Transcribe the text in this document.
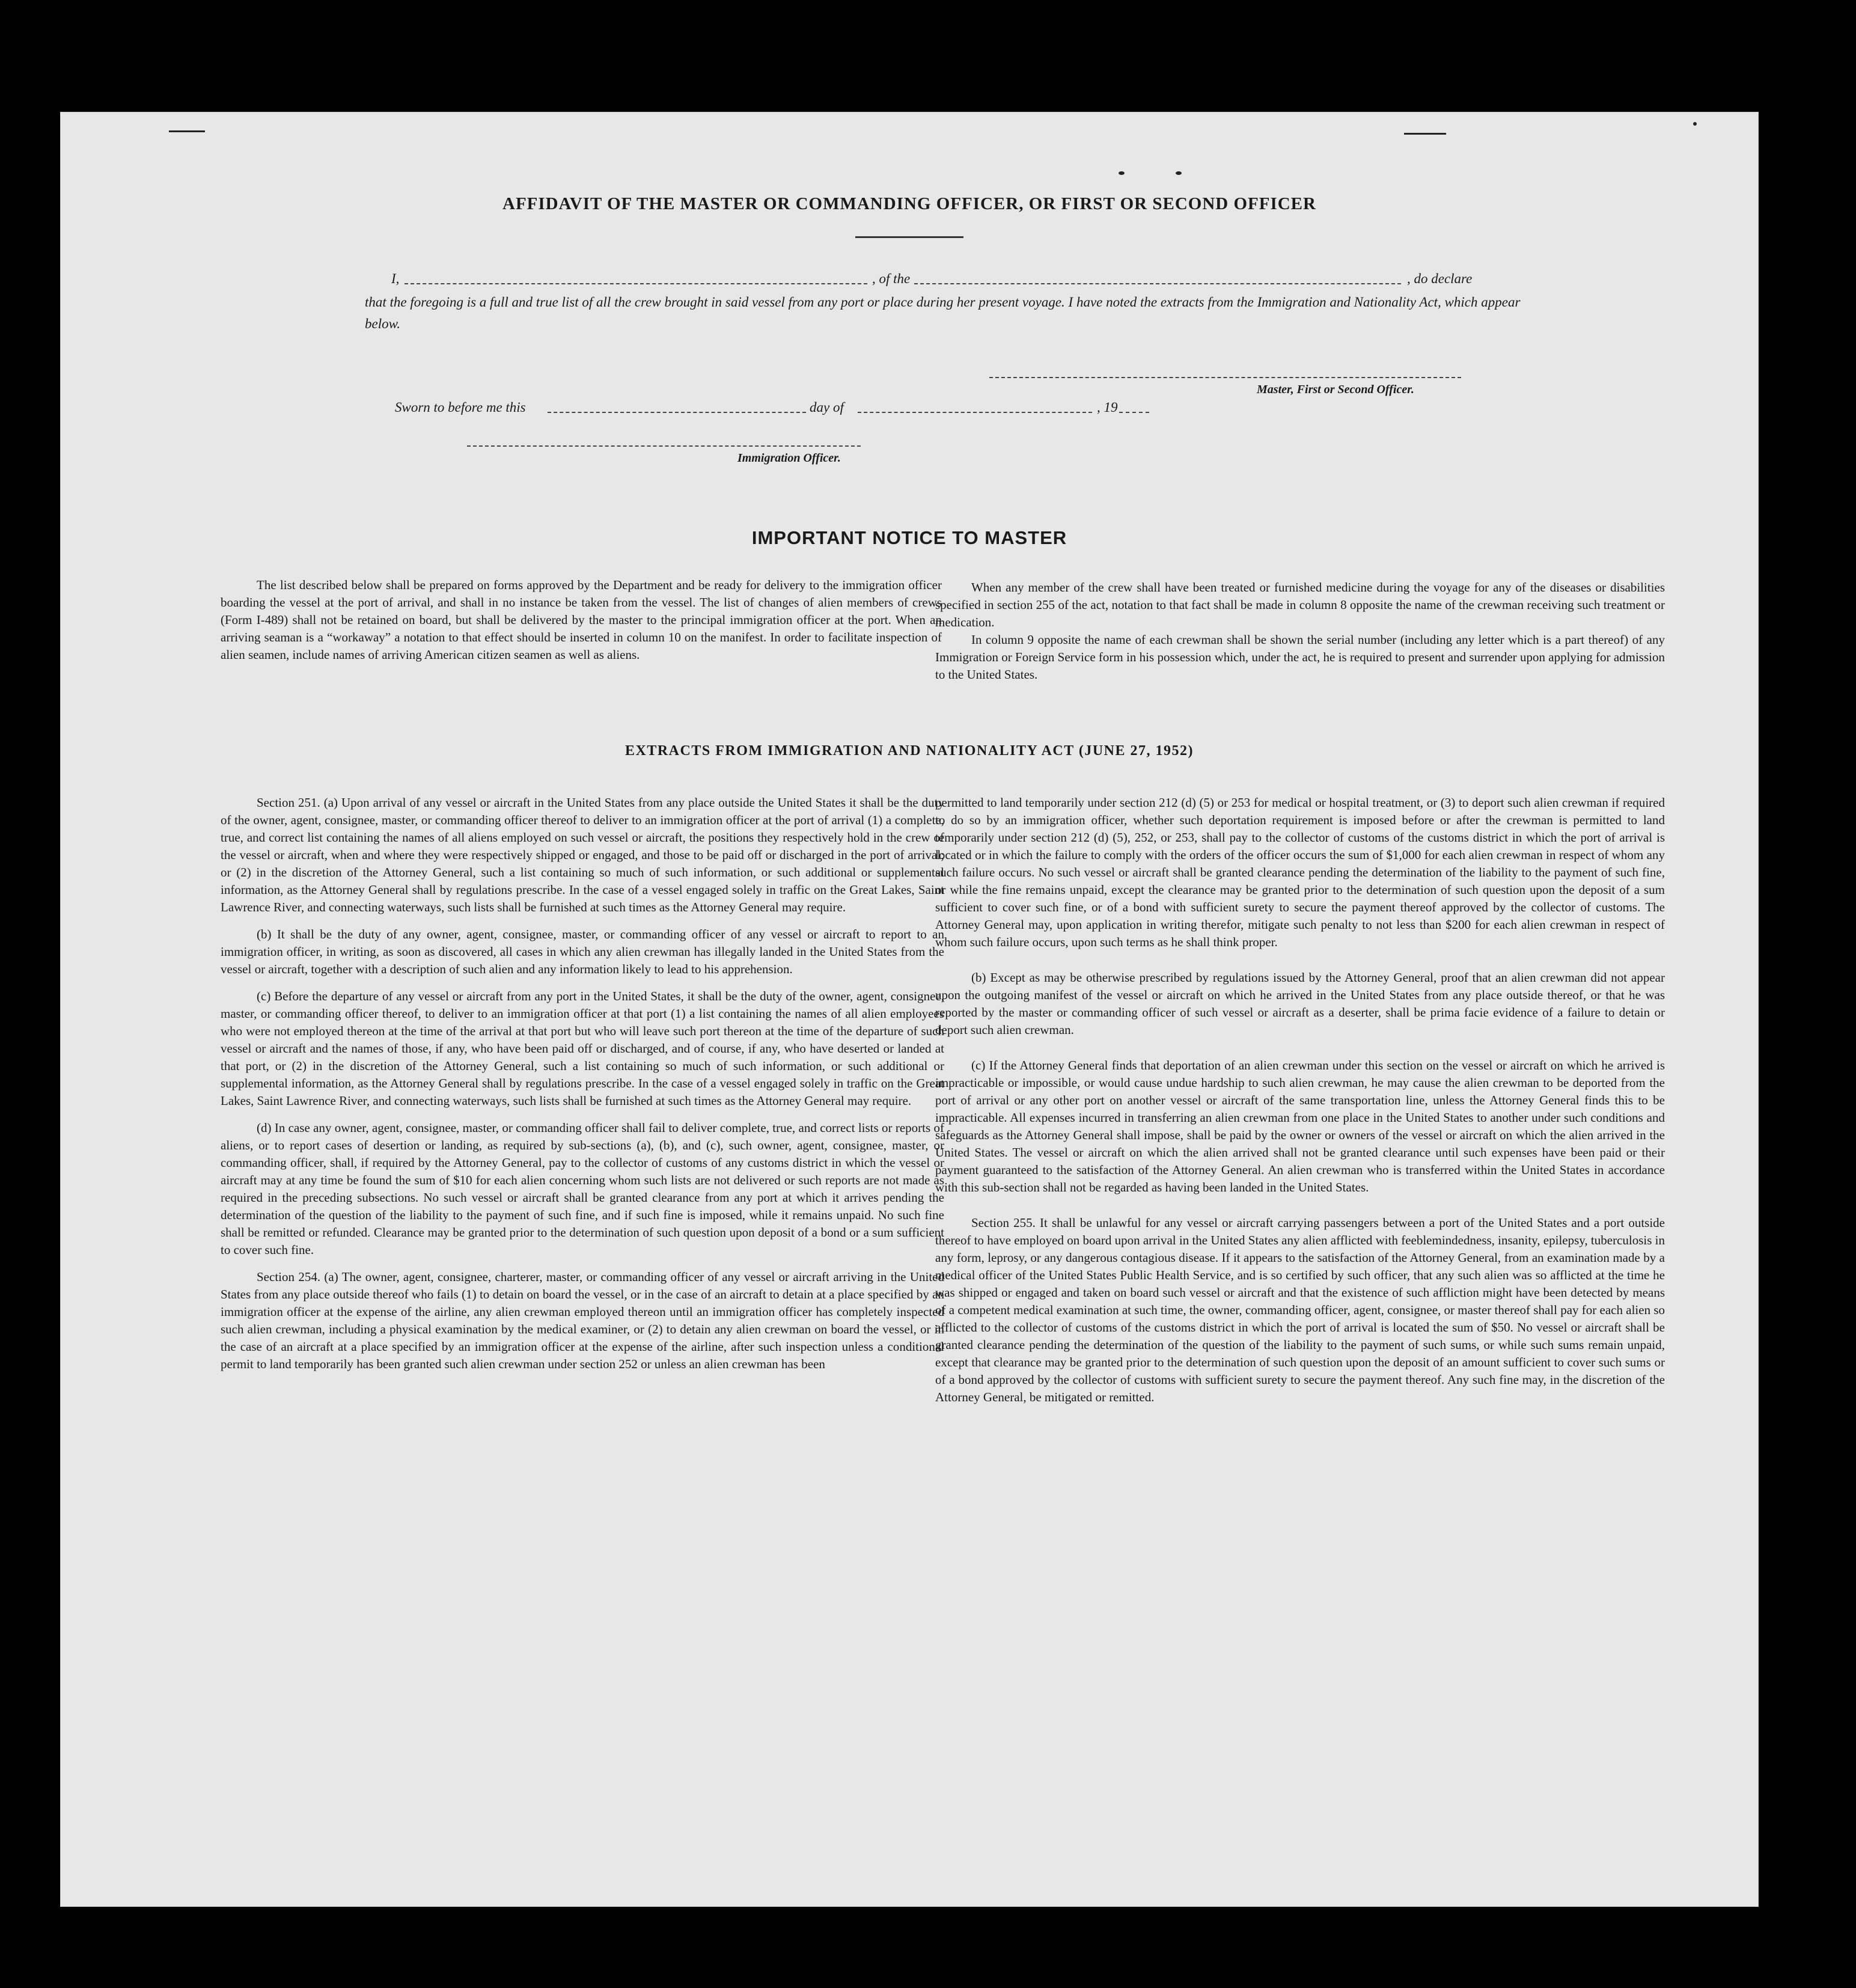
AFFIDAVIT OF THE MASTER OR COMMANDING OFFICER, OR FIRST OR SECOND OFFICER
I,	, of the	, do declare
that the foregoing is a full and true list of all the crew brought in said vessel from any port or place during her present voyage. I have noted the extracts from the Immigration and Nationality Act, which appear below.
Master, First or Second Officer.
Sworn to before me this	day of	, 19
Immigration Officer.
IMPORTANT NOTICE TO MASTER

The list described below shall be prepared on forms approved by the Department and be ready for delivery to the immigration officer boarding the vessel at the port of arrival, and shall in no instance be taken from the vessel. The list of changes of alien members of crews (Form I-489) shall not be retained on board, but shall be delivered by the master to the principal immigration officer at the port. When an arriving seaman is a “workaway” a notation to that effect should be inserted in column 10 on the manifest. In order to facilitate inspection of alien seamen, include names of arriving American citizen seamen as well as aliens.

When any member of the crew shall have been treated or furnished medicine during the voyage for any of the diseases or disabilities specified in section 255 of the act, notation to that fact shall be made in column 8 opposite the name of the crewman receiving such treatment or medication.

In column 9 opposite the name of each crewman shall be shown the serial number (including any letter which is a part thereof) of any Immigration or Foreign Service form in his possession which, under the act, he is required to present and surrender upon applying for admission to the United States.

EXTRACTS FROM IMMIGRATION AND NATIONALITY ACT (JUNE 27, 1952)

Section 251. (a) Upon arrival of any vessel or aircraft in the United States from any place outside the United States it shall be the duty of the owner, agent, consignee, master, or commanding officer thereof to deliver to an immigration officer at the port of arrival (1) a complete, true, and correct list containing the names of all aliens employed on such vessel or aircraft, the positions they respectively hold in the crew of the vessel or aircraft, when and where they were respectively shipped or engaged, and those to be paid off or discharged in the port of arrival; or (2) in the discretion of the Attorney General, such a list containing so much of such information, or such additional or supplemental information, as the Attorney General shall by regulations prescribe. In the case of a vessel engaged solely in traffic on the Great Lakes, Saint Lawrence River, and connecting waterways, such lists shall be furnished at such times as the Attorney General may require.

(b) It shall be the duty of any owner, agent, consignee, master, or commanding officer of any vessel or aircraft to report to an immigration officer, in writing, as soon as discovered, all cases in which any alien crewman has illegally landed in the United States from the vessel or aircraft, together with a description of such alien and any information likely to lead to his apprehension.

(c) Before the departure of any vessel or aircraft from any port in the United States, it shall be the duty of the owner, agent, consignee, master, or commanding officer thereof, to deliver to an immigration officer at that port (1) a list containing the names of all alien employees who were not employed thereon at the time of the arrival at that port but who will leave such port thereon at the time of the departure of such vessel or aircraft and the names of those, if any, who have been paid off or discharged, and of course, if any, who have deserted or landed at that port, or (2) in the discretion of the Attorney General, such a list containing so much of such information, or such additional or supplemental information, as the Attorney General shall by regulations prescribe. In the case of a vessel engaged solely in traffic on the Great Lakes, Saint Lawrence River, and connecting waterways, such lists shall be furnished at such times as the Attorney General may require.

(d) In case any owner, agent, consignee, master, or commanding officer shall fail to deliver complete, true, and correct lists or reports of aliens, or to report cases of desertion or landing, as required by sub-sections (a), (b), and (c), such owner, agent, consignee, master, or commanding officer, shall, if required by the Attorney General, pay to the collector of customs of any customs district in which the vessel or aircraft may at any time be found the sum of $10 for each alien concerning whom such lists are not delivered or such reports are not made as required in the preceding subsections. No such vessel or aircraft shall be granted clearance from any port at which it arrives pending the determination of the question of the liability to the payment of such fine, and if such fine is imposed, while it remains unpaid. No such fine shall be remitted or refunded. Clearance may be granted prior to the determination of such question upon deposit of a bond or a sum sufficient to cover such fine.

Section 254. (a) The owner, agent, consignee, charterer, master, or commanding officer of any vessel or aircraft arriving in the United States from any place outside thereof who fails (1) to detain on board the vessel, or in the case of an aircraft to detain at a place specified by an immigration officer at the expense of the airline, any alien crewman employed thereon until an immigration officer has completely inspected such alien crewman, including a physical examination by the medical examiner, or (2) to detain any alien crewman on board the vessel, or in the case of an aircraft at a place specified by an immigration officer at the expense of the airline, after such inspection unless a conditional permit to land temporarily has been granted such alien crewman under section 252 or unless an alien crewman has been

permitted to land temporarily under section 212 (d) (5) or 253 for medical or hospital treatment, or (3) to deport such alien crewman if required to do so by an immigration officer, whether such deportation requirement is imposed before or after the crewman is permitted to land temporarily under section 212 (d) (5), 252, or 253, shall pay to the collector of customs of the customs district in which the port of arrival is located or in which the failure to comply with the orders of the officer occurs the sum of $1,000 for each alien crewman in respect of whom any such failure occurs. No such vessel or aircraft shall be granted clearance pending the determination of the liability to the payment of such fine, or while the fine remains unpaid, except the clearance may be granted prior to the determination of such question upon the deposit of a sum sufficient to cover such fine, or of a bond with sufficient surety to secure the payment thereof approved by the collector of customs. The Attorney General may, upon application in writing therefor, mitigate such penalty to not less than $200 for each alien crewman in respect of whom such failure occurs, upon such terms as he shall think proper.

(b) Except as may be otherwise prescribed by regulations issued by the Attorney General, proof that an alien crewman did not appear upon the outgoing manifest of the vessel or aircraft on which he arrived in the United States from any place outside thereof, or that he was reported by the master or commanding officer of such vessel or aircraft as a deserter, shall be prima facie evidence of a failure to detain or deport such alien crewman.

(c) If the Attorney General finds that deportation of an alien crewman under this section on the vessel or aircraft on which he arrived is impracticable or impossible, or would cause undue hardship to such alien crewman, he may cause the alien crewman to be deported from the port of arrival or any other port on another vessel or aircraft of the same transportation line, unless the Attorney General finds this to be impracticable. All expenses incurred in transferring an alien crewman from one place in the United States to another under such conditions and safeguards as the Attorney General shall impose, shall be paid by the owner or owners of the vessel or aircraft on which the alien arrived in the United States. The vessel or aircraft on which the alien arrived shall not be granted clearance until such expenses have been paid or their payment guaranteed to the satisfaction of the Attorney General. An alien crewman who is transferred within the United States in accordance with this sub-section shall not be regarded as having been landed in the United States.

Section 255. It shall be unlawful for any vessel or aircraft carrying passengers between a port of the United States and a port outside thereof to have employed on board upon arrival in the United States any alien afflicted with feeblemindedness, insanity, epilepsy, tuberculosis in any form, leprosy, or any dangerous contagious disease. If it appears to the satisfaction of the Attorney General, from an examination made by a medical officer of the United States Public Health Service, and is so certified by such officer, that any such alien was so afflicted at the time he was shipped or engaged and taken on board such vessel or aircraft and that the existence of such affliction might have been detected by means of a competent medical examination at such time, the owner, commanding officer, agent, consignee, or master thereof shall pay for each alien so afflicted to the collector of customs of the customs district in which the port of arrival is located the sum of $50. No vessel or aircraft shall be granted clearance pending the determination of the question of the liability to the payment of such sums, or while such sums remain unpaid, except that clearance may be granted prior to the determination of such question upon the deposit of an amount sufficient to cover such sums or of a bond approved by the collector of customs with sufficient surety to secure the payment thereof. Any such fine may, in the discretion of the Attorney General, be mitigated or remitted.
